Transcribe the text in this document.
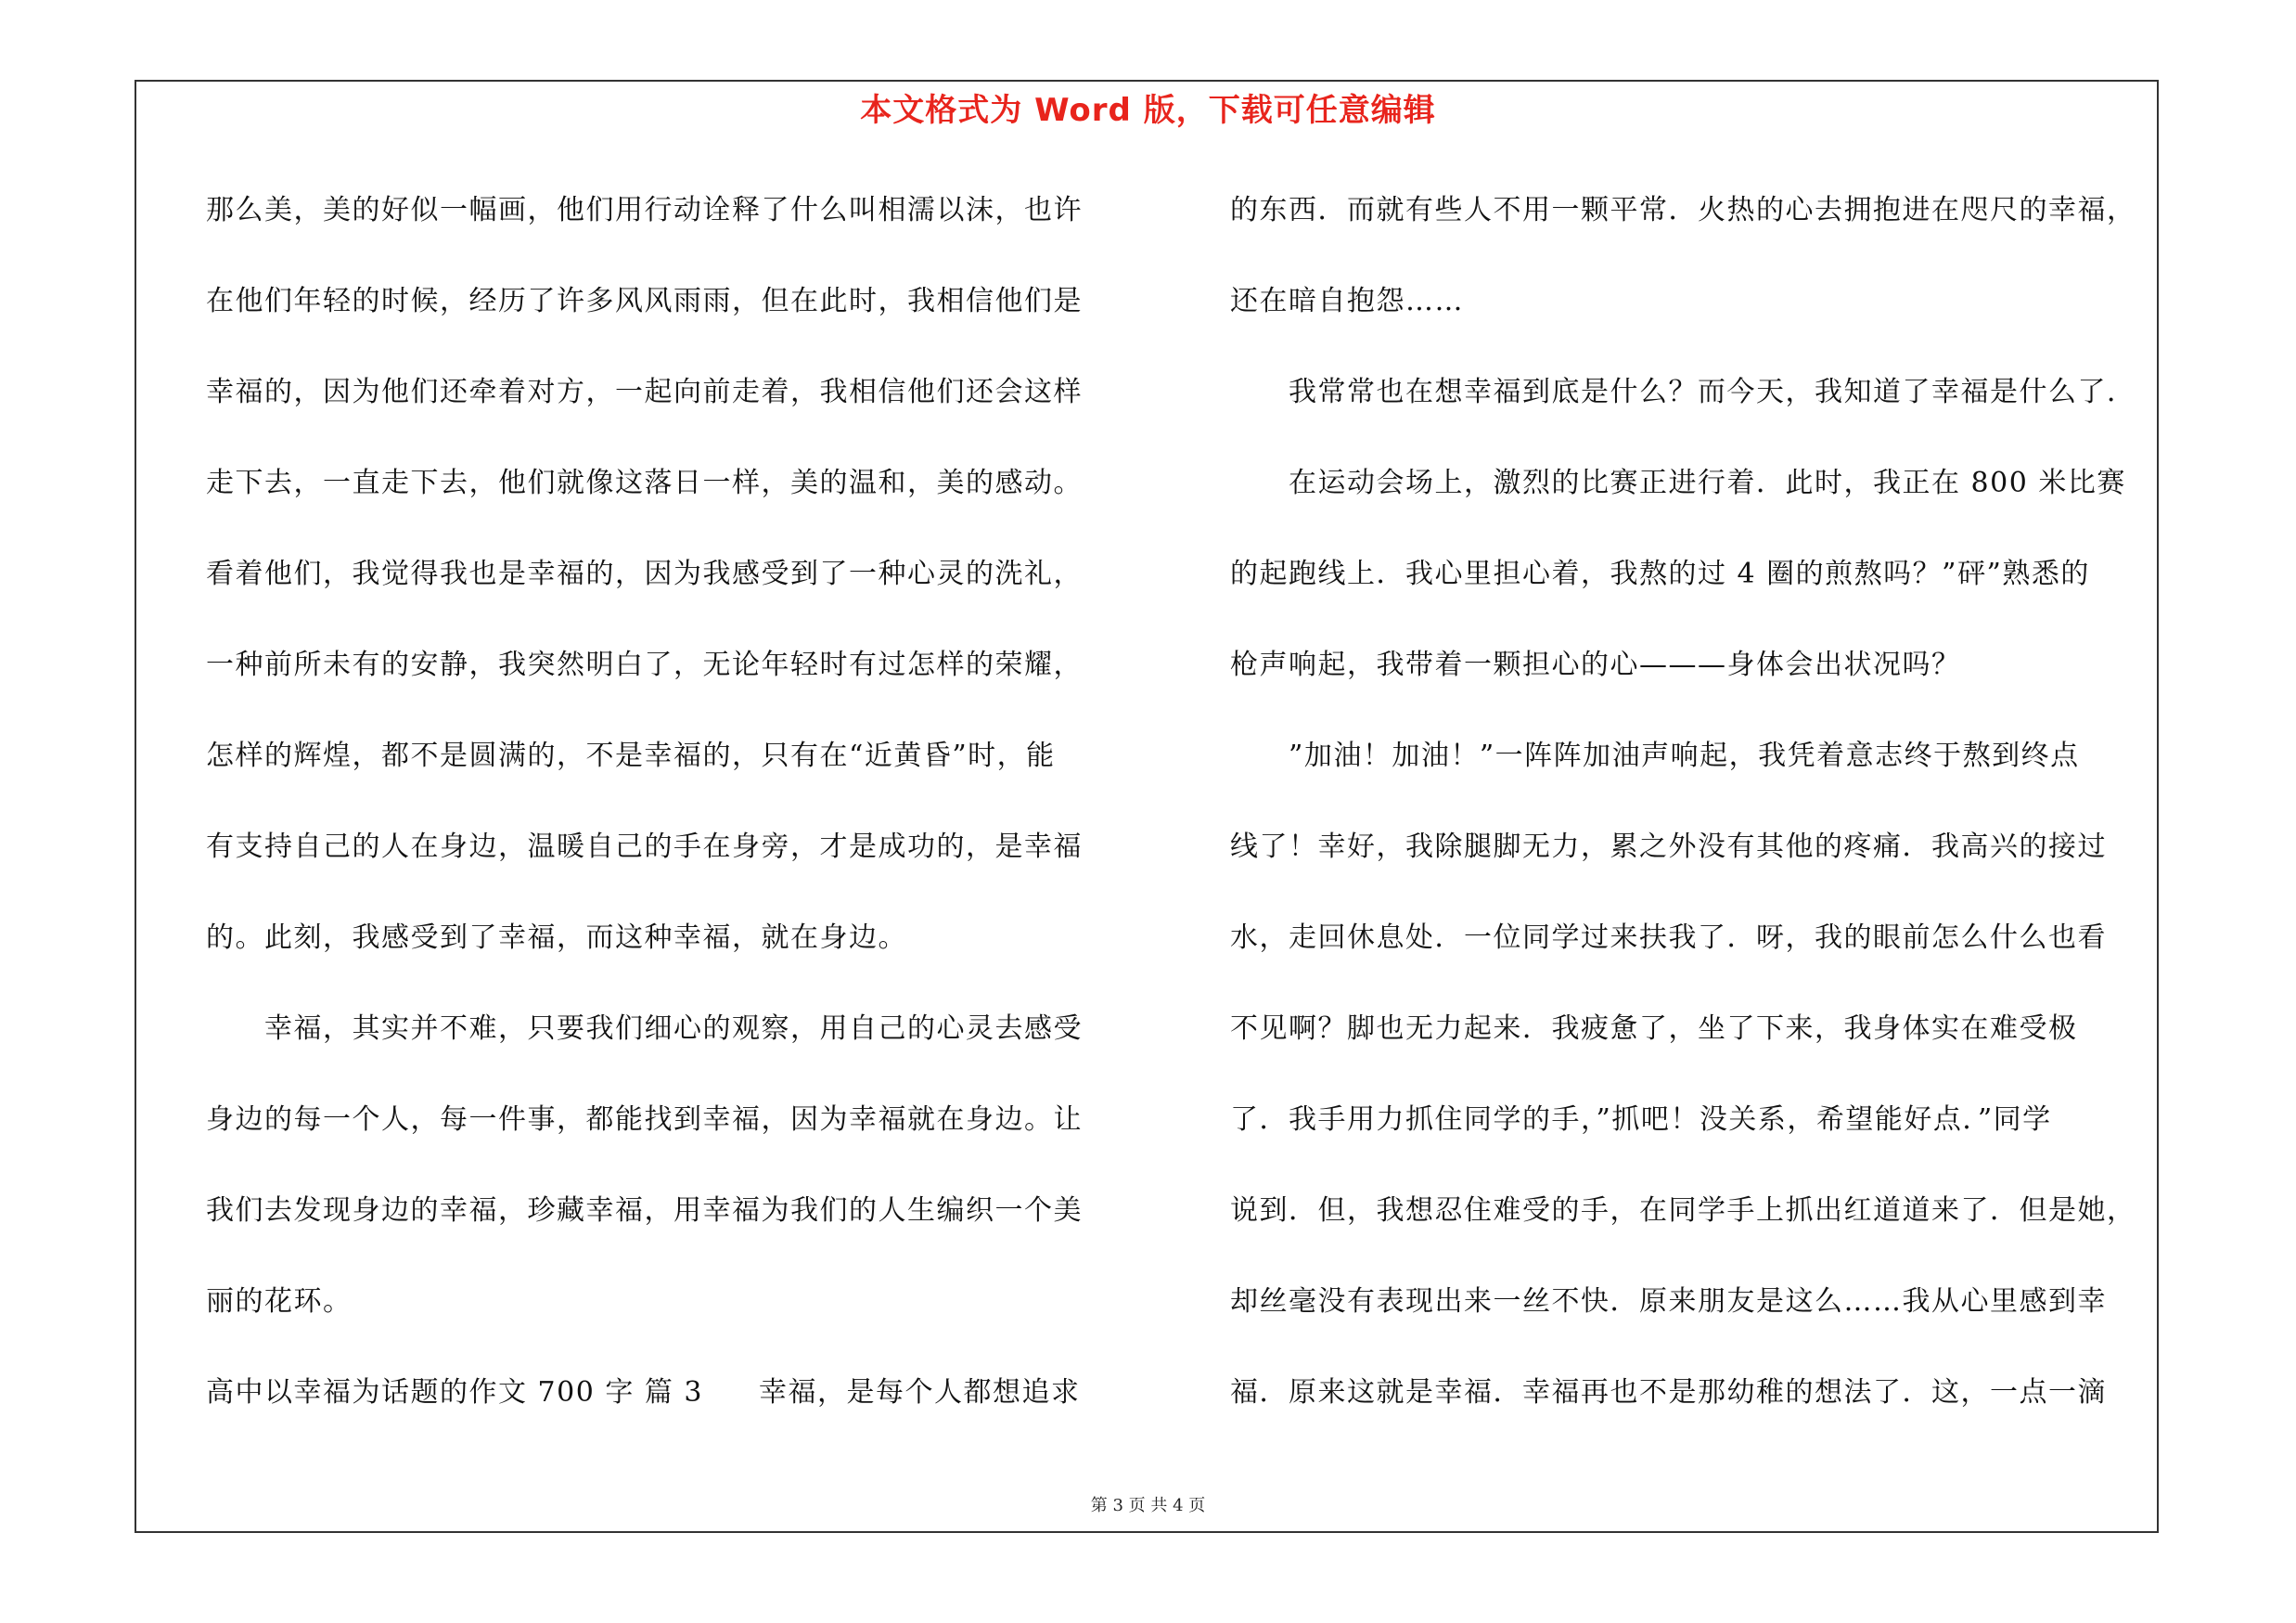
本文格式为 Word 版，下载可任意编辑
那么美，美的好似一幅画，他们用行动诠释了什么叫相濡以沫，也许
在他们年轻的时候，经历了许多风风雨雨，但在此时，我相信他们是
幸福的，因为他们还牵着对方，一起向前走着，我相信他们还会这样
走下去，一直走下去，他们就像这落日一样，美的温和，美的感动。
看着他们，我觉得我也是幸福的，因为我感受到了一种心灵的洗礼，
一种前所未有的安静，我突然明白了，无论年轻时有过怎样的荣耀，
怎样的辉煌，都不是圆满的，不是幸福的，只有在“近黄昏”时，能
有支持自己的人在身边，温暖自己的手在身旁，才是成功的，是幸福
的。此刻，我感受到了幸福，而这种幸福，就在身边。
　　幸福，其实并不难，只要我们细心的观察，用自己的心灵去感受
身边的每一个人，每一件事，都能找到幸福，因为幸福就在身边。让
我们去发现身边的幸福，珍藏幸福，用幸福为我们的人生编织一个美
丽的花环。
高中以幸福为话题的作文 700 字 篇 3 幸福，是每个人都想追求
的东西．而就有些人不用一颗平常．火热的心去拥抱进在咫尺的幸福，
还在暗自抱怨……
　　我常常也在想幸福到底是什么？而今天，我知道了幸福是什么了．
　　在运动会场上，激烈的比赛正进行着．此时，我正在 800 米比赛
的起跑线上．我心里担心着，我熬的过 4 圈的煎熬吗？”砰”熟悉的
枪声响起，我带着一颗担心的心———身体会出状况吗？
　　”加油！加油！”一阵阵加油声响起，我凭着意志终于熬到终点
线了！幸好，我除腿脚无力，累之外没有其他的疼痛．我高兴的接过
水，走回休息处．一位同学过来扶我了．呀，我的眼前怎么什么也看
不见啊？脚也无力起来．我疲惫了，坐了下来，我身体实在难受极
了．我手用力抓住同学的手，”抓吧！没关系，希望能好点．”同学
说到．但，我想忍住难受的手，在同学手上抓出红道道来了．但是她，
却丝毫没有表现出来一丝不快．原来朋友是这么……我从心里感到幸
福．原来这就是幸福．幸福再也不是那幼稚的想法了．这，一点一滴
第 3 页 共 4 页
